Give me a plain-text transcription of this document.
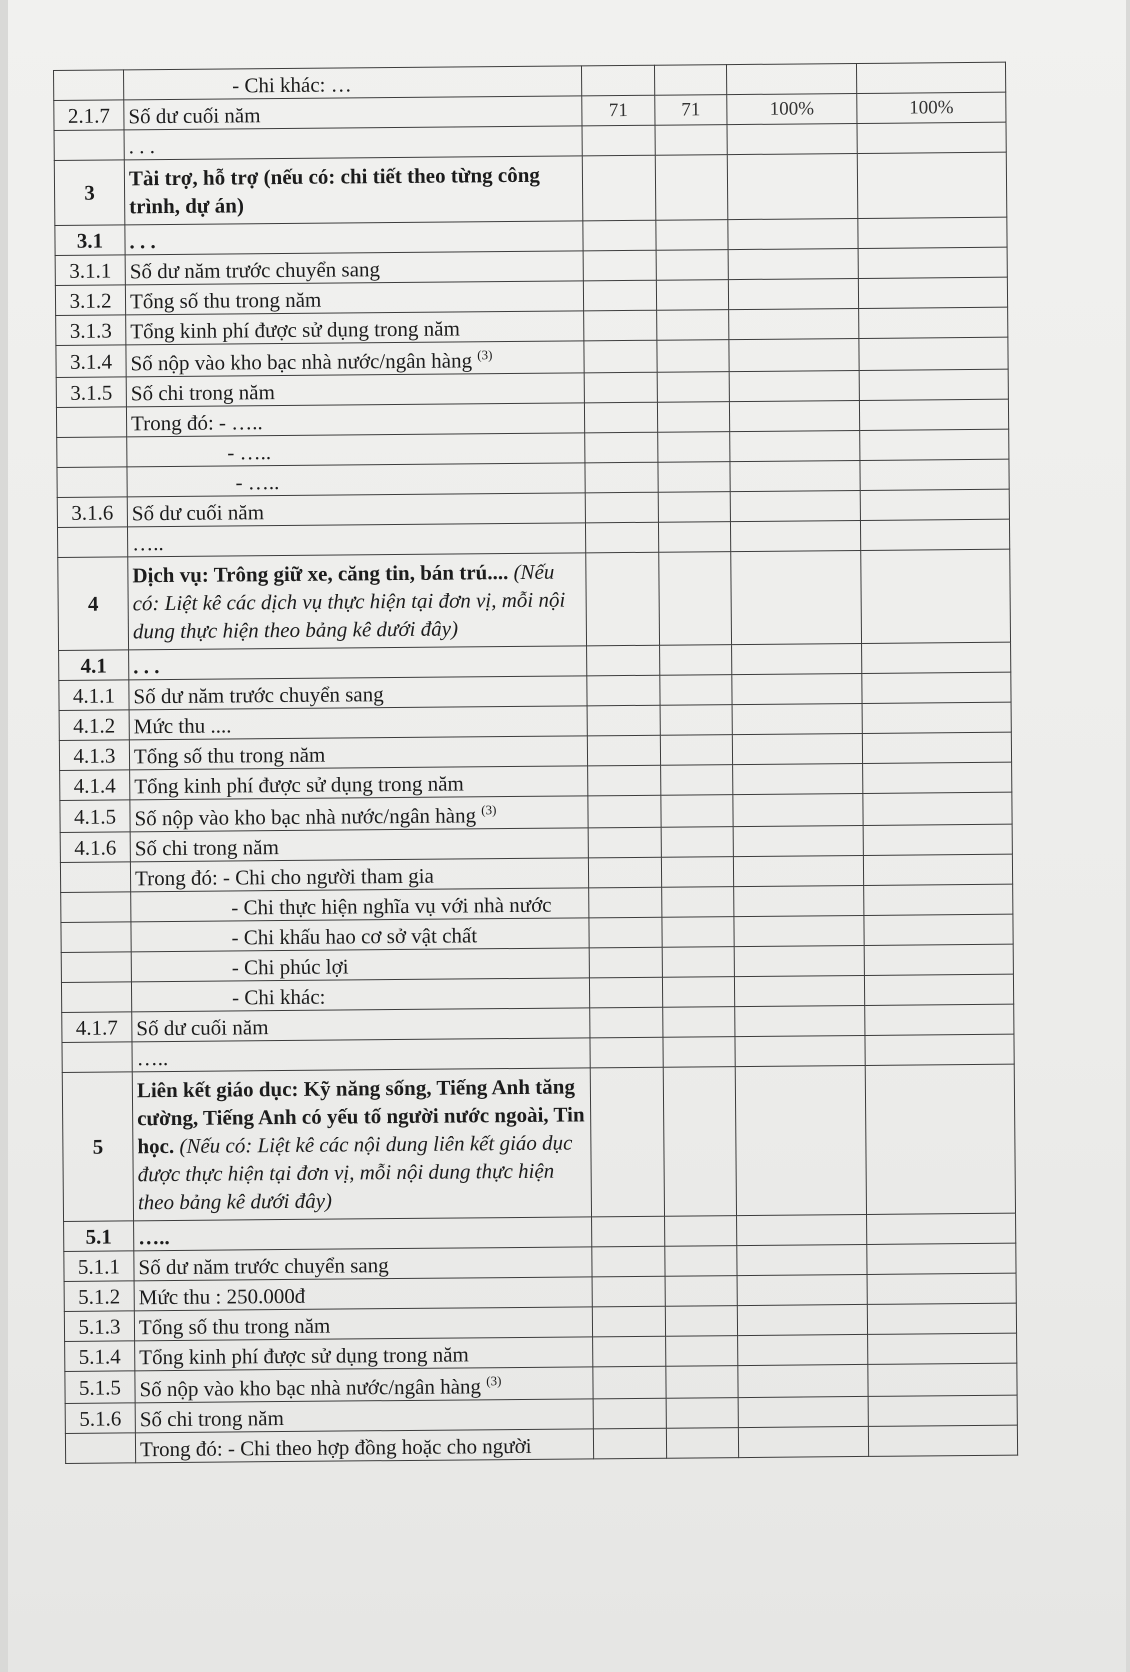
	- Chi khác: …				
2.1.7	Số dư cuối năm	71	71	100%	100%
	. . .				
3	Tài trợ, hỗ trợ (nếu có: chi tiết theo từng công trình, dự án)				
3.1	. . .				
3.1.1	Số dư năm trước chuyển sang				
3.1.2	Tổng số thu trong năm				
3.1.3	Tổng kinh phí được sử dụng trong năm				
3.1.4	Số nộp vào kho bạc nhà nước/ngân hàng $^{(3)}$				
3.1.5	Số chi trong năm				
	Trong đó: - …..				
	- …..				
	- …..				
3.1.6	Số dư cuối năm				
	…..				
4	Dịch vụ: Trông giữ xe, căng tin, bán trú.... (Nếu có: Liệt kê các dịch vụ thực hiện tại đơn vị, mỗi nội dung thực hiện theo bảng kê dưới đây)				
4.1	. . .				
4.1.1	Số dư năm trước chuyển sang				
4.1.2	Mức thu ....				
4.1.3	Tổng số thu trong năm				
4.1.4	Tổng kinh phí được sử dụng trong năm				
4.1.5	Số nộp vào kho bạc nhà nước/ngân hàng $^{(3)}$				
4.1.6	Số chi trong năm				
	Trong đó: - Chi cho người tham gia				
	- Chi thực hiện nghĩa vụ với nhà nước				
	- Chi khấu hao cơ sở vật chất				
	- Chi phúc lợi				
	- Chi khác:				
4.1.7	Số dư cuối năm				
	…..				
5	Liên kết giáo dục: Kỹ năng sống, Tiếng Anh tăng cường, Tiếng Anh có yếu tố người nước ngoài, Tin học. (Nếu có: Liệt kê các nội dung liên kết giáo dục được thực hiện tại đơn vị, mỗi nội dung thực hiện theo bảng kê dưới đây)				
5.1	…..				
5.1.1	Số dư năm trước chuyển sang				
5.1.2	Mức thu : 250.000đ				
5.1.3	Tổng số thu trong năm				
5.1.4	Tổng kinh phí được sử dụng trong năm				
5.1.5	Số nộp vào kho bạc nhà nước/ngân hàng $^{(3)}$				
5.1.6	Số chi trong năm				
	Trong đó: - Chi theo hợp đồng hoặc cho người				
